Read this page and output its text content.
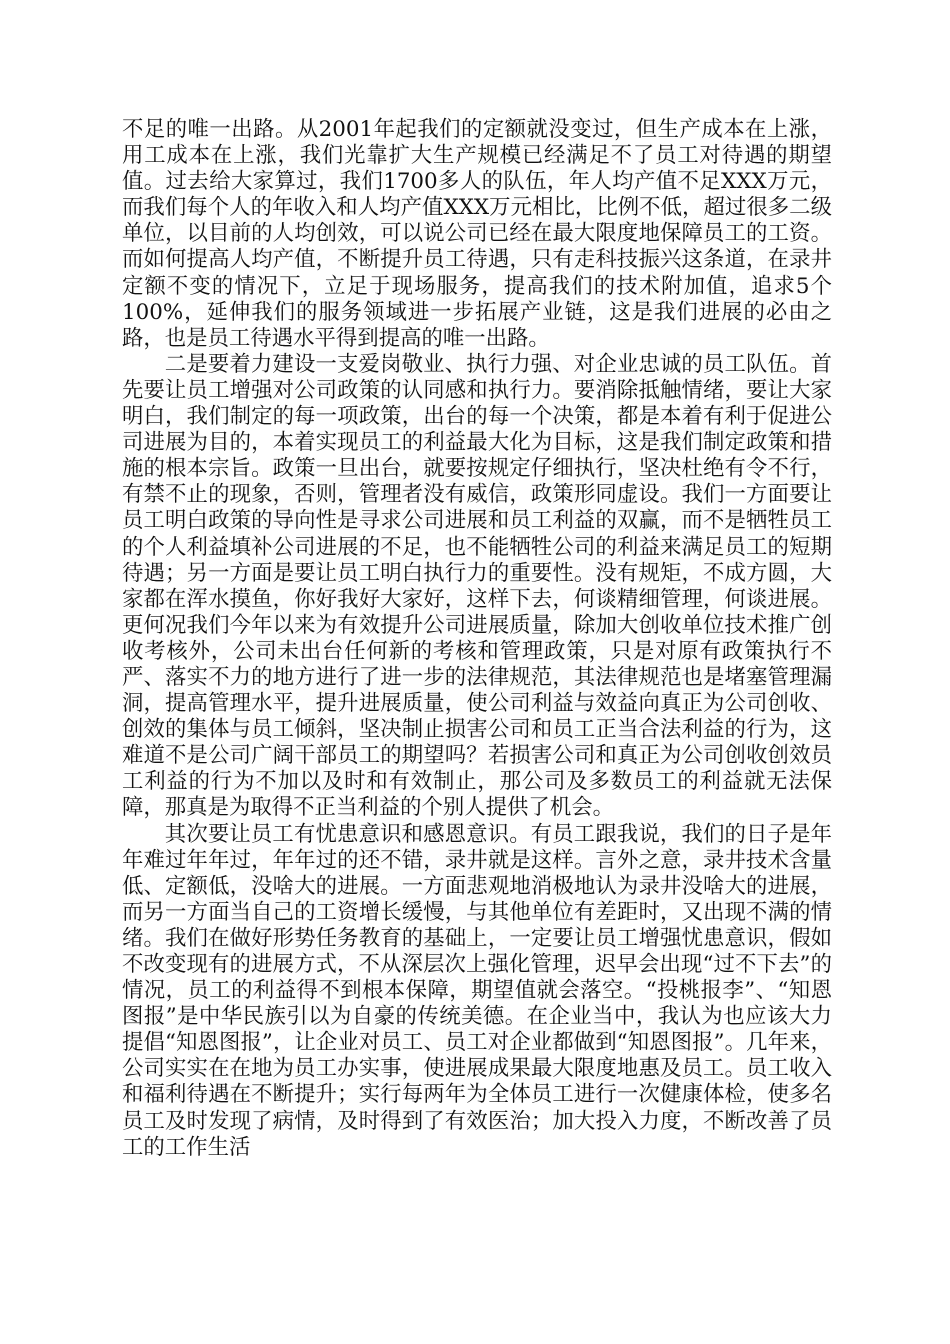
不足的唯一出路。从2001年起我们的定额就没变过，但生产成本在上涨，用工成本在上涨，我们光靠扩大生产规模已经满足不了员工对待遇的期望值。过去给大家算过，我们1700多人的队伍，年人均产值不足XXX万元，而我们每个人的年收入和人均产值XXX万元相比，比例不低，超过很多二级单位，以目前的人均创效，可以说公司已经在最大限度地保障员工的工资。而如何提高人均产值，不断提升员工待遇，只有走科技振兴这条道，在录井定额不变的情况下，立足于现场服务，提高我们的技术附加值，追求5个100%，延伸我们的服务领域进一步拓展产业链，这是我们进展的必由之路，也是员工待遇水平得到提高的唯一出路。

二是要着力建设一支爱岗敬业、执行力强、对企业忠诚的员工队伍。首先要让员工增强对公司政策的认同感和执行力。要消除抵触情绪，要让大家明白，我们制定的每一项政策，出台的每一个决策，都是本着有利于促进公司进展为目的，本着实现员工的利益最大化为目标，这是我们制定政策和措施的根本宗旨。政策一旦出台，就要按规定仔细执行，坚决杜绝有令不行，有禁不止的现象，否则，管理者没有威信，政策形同虚设。我们一方面要让员工明白政策的导向性是寻求公司进展和员工利益的双赢，而不是牺牲员工的个人利益填补公司进展的不足，也不能牺牲公司的利益来满足员工的短期待遇；另一方面是要让员工明白执行力的重要性。没有规矩，不成方圆，大家都在浑水摸鱼，你好我好大家好，这样下去，何谈精细管理，何谈进展。更何况我们今年以来为有效提升公司进展质量，除加大创收单位技术推广创收考核外，公司未出台任何新的考核和管理政策，只是对原有政策执行不严、落实不力的地方进行了进一步的法律规范，其法律规范也是堵塞管理漏洞，提高管理水平，提升进展质量，使公司利益与效益向真正为公司创收、创效的集体与员工倾斜，坚决制止损害公司和员工正当合法利益的行为，这难道不是公司广阔干部员工的期望吗？若损害公司和真正为公司创收创效员工利益的行为不加以及时和有效制止，那公司及多数员工的利益就无法保障，那真是为取得不正当利益的个别人提供了机会。

其次要让员工有忧患意识和感恩意识。有员工跟我说，我们的日子是年年难过年年过，年年过的还不错，录井就是这样。言外之意，录井技术含量低、定额低，没啥大的进展。一方面悲观地消极地认为录井没啥大的进展，而另一方面当自己的工资增长缓慢，与其他单位有差距时，又出现不满的情绪。我们在做好形势任务教育的基础上，一定要让员工增强忧患意识，假如不改变现有的进展方式，不从深层次上强化管理，迟早会出现“过不下去”的情况，员工的利益得不到根本保障，期望值就会落空。“投桃报李”、“知恩图报”是中华民族引以为自豪的传统美德。在企业当中，我认为也应该大力提倡“知恩图报”，让企业对员工、员工对企业都做到“知恩图报”。几年来，公司实实在在地为员工办实事，使进展成果最大限度地惠及员工。员工收入和福利待遇在不断提升；实行每两年为全体员工进行一次健康体检，使多名员工及时发现了病情，及时得到了有效医治；加大投入力度，不断改善了员工的工作生活
